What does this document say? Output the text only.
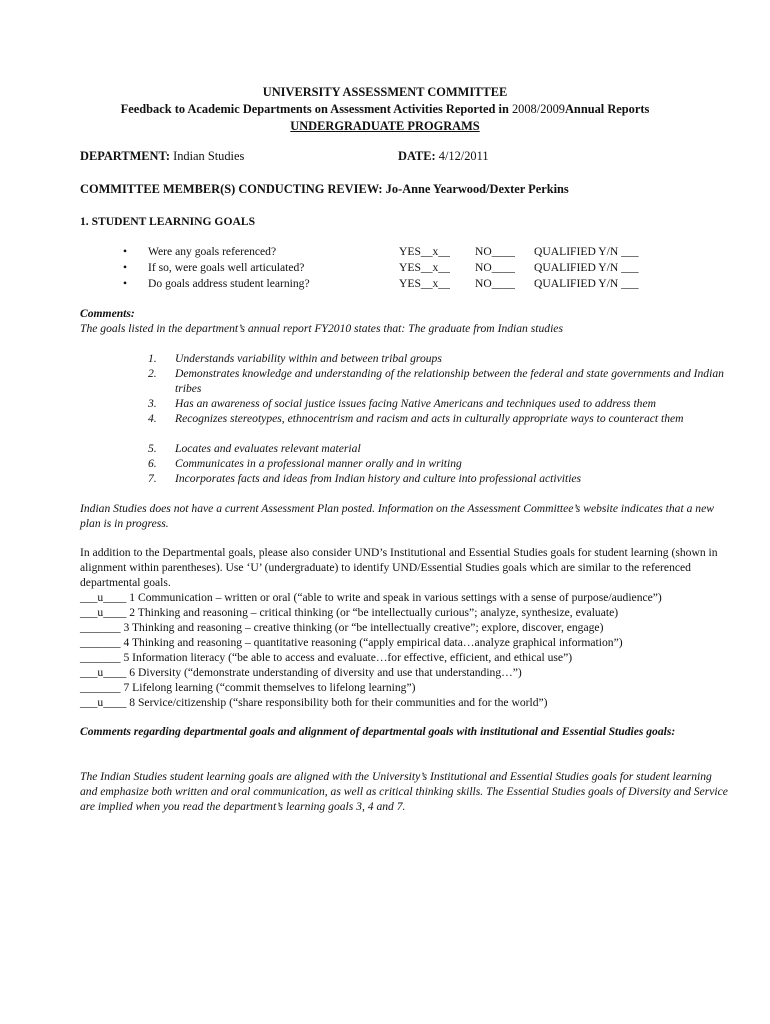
UNIVERSITY ASSESSMENT COMMITTEE
Feedback to Academic Departments on Assessment Activities Reported in 2008/2009Annual Reports
UNDERGRADUATE PROGRAMS
DEPARTMENT: Indian Studies	DATE: 4/12/2011
COMMITTEE MEMBER(S) CONDUCTING REVIEW: Jo-Anne Yearwood/Dexter Perkins
1. STUDENT LEARNING GOALS
•	Were any goals referenced?	YES__x__ NO____ QUALIFIED Y/N ___
•	If so, were goals well articulated?	YES__x__ NO____ QUALIFIED Y/N ___
•	Do goals address student learning?	YES__x__ NO____ QUALIFIED Y/N ___
Comments:
The goals listed in the department’s annual report FY2010 states that: The graduate from Indian studies
1.	Understands variability within and between tribal groups
2.	Demonstrates knowledge and understanding of the relationship between the federal and state governments and Indian tribes
3.	Has an awareness of social justice issues facing Native Americans and techniques used to address them
4.	Recognizes stereotypes, ethnocentrism and racism and acts in culturally appropriate ways to counteract them
5.	Locates and evaluates relevant material
6.	Communicates in a professional manner orally and in writing
7.	Incorporates facts and ideas from Indian history and culture into professional activities
Indian Studies does not have a current Assessment Plan posted. Information on the Assessment Committee’s website indicates that a new plan is in progress.
In addition to the Departmental goals, please also consider UND’s Institutional and Essential Studies goals for student learning (shown in alignment within parentheses). Use ‘U’ (undergraduate) to identify UND/Essential Studies goals which are similar to the referenced departmental goals.
___u____ 1 Communication – written or oral (“able to write and speak in various settings with a sense of purpose/audience”)
___u____ 2 Thinking and reasoning – critical thinking (or “be intellectually curious”; analyze, synthesize, evaluate)
_______ 3 Thinking and reasoning – creative thinking (or “be intellectually creative”; explore, discover, engage)
_______ 4 Thinking and reasoning – quantitative reasoning (“apply empirical data…analyze graphical information”)
_______ 5 Information literacy (“be able to access and evaluate…for effective, efficient, and ethical use”)
___u____ 6 Diversity (“demonstrate understanding of diversity and use that understanding…”)
_______ 7 Lifelong learning (“commit themselves to lifelong learning”)
___u____ 8 Service/citizenship (“share responsibility both for their communities and for the world”)
Comments regarding departmental goals and alignment of departmental goals with institutional and Essential Studies goals:
The Indian Studies student learning goals are aligned with the University’s Institutional and Essential Studies goals for student learning and emphasize both written and oral communication, as well as critical thinking skills. The Essential Studies goals of Diversity and Service are implied when you read the department’s learning goals 3, 4 and 7.
